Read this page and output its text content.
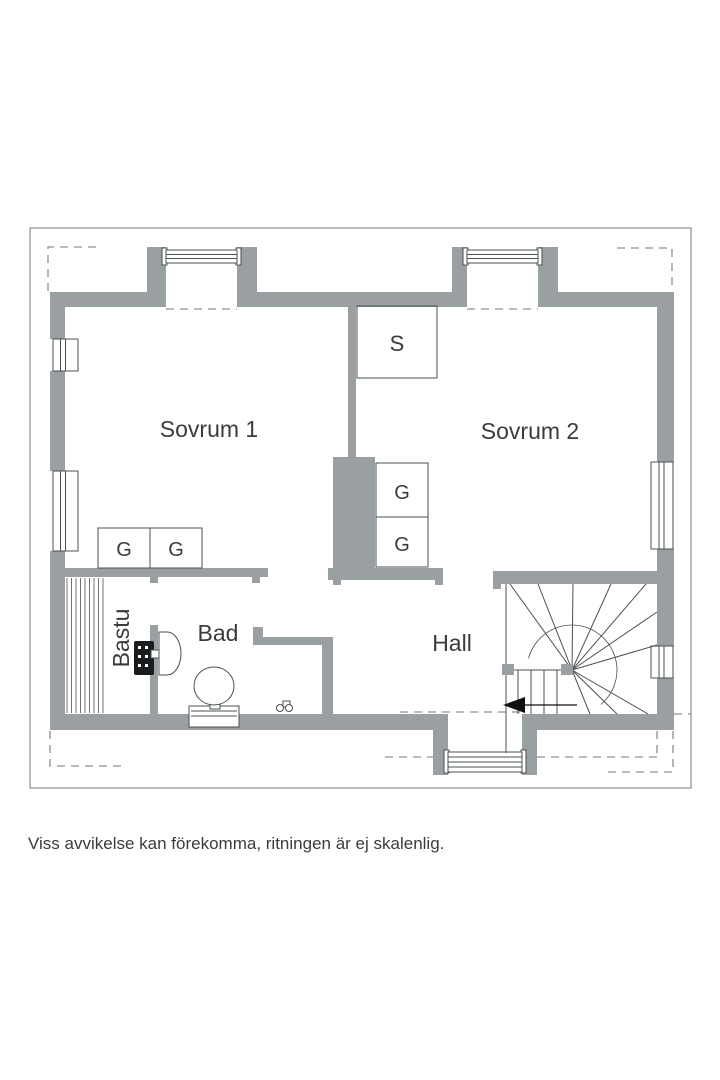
Sovrum 1	Sovrum 2
Bad	Hall
Bastu
S
G G
G
G
Viss avvikelse kan förekomma, ritningen är ej skalenlig.
